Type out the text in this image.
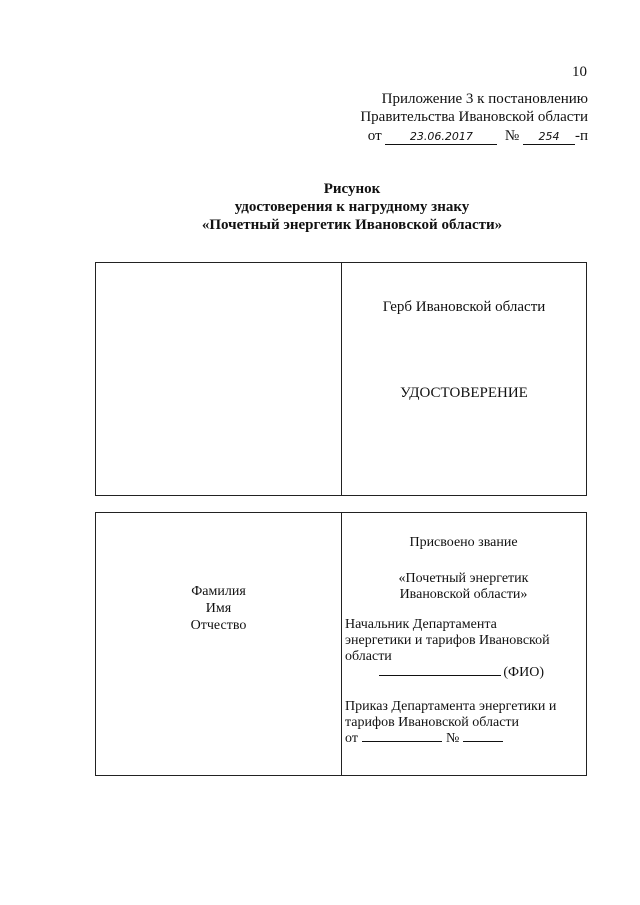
10
Приложение 3 к постановлению
Правительства Ивановской области
от	23.06.2017 № 254 -п
Рисунок
удостоверения к нагрудному знаку
«Почетный энергетик Ивановской области»
Герб Ивановской области
УДОСТОВЕРЕНИЕ
Фамилия
Имя
Отчество
Присвоено звание
«Почетный энергетик
Ивановской области»
Начальник Департамента
энергетики и тарифов Ивановской
области
(ФИО)
Приказ Департамента энергетики и
тарифов Ивановской области
от	№
